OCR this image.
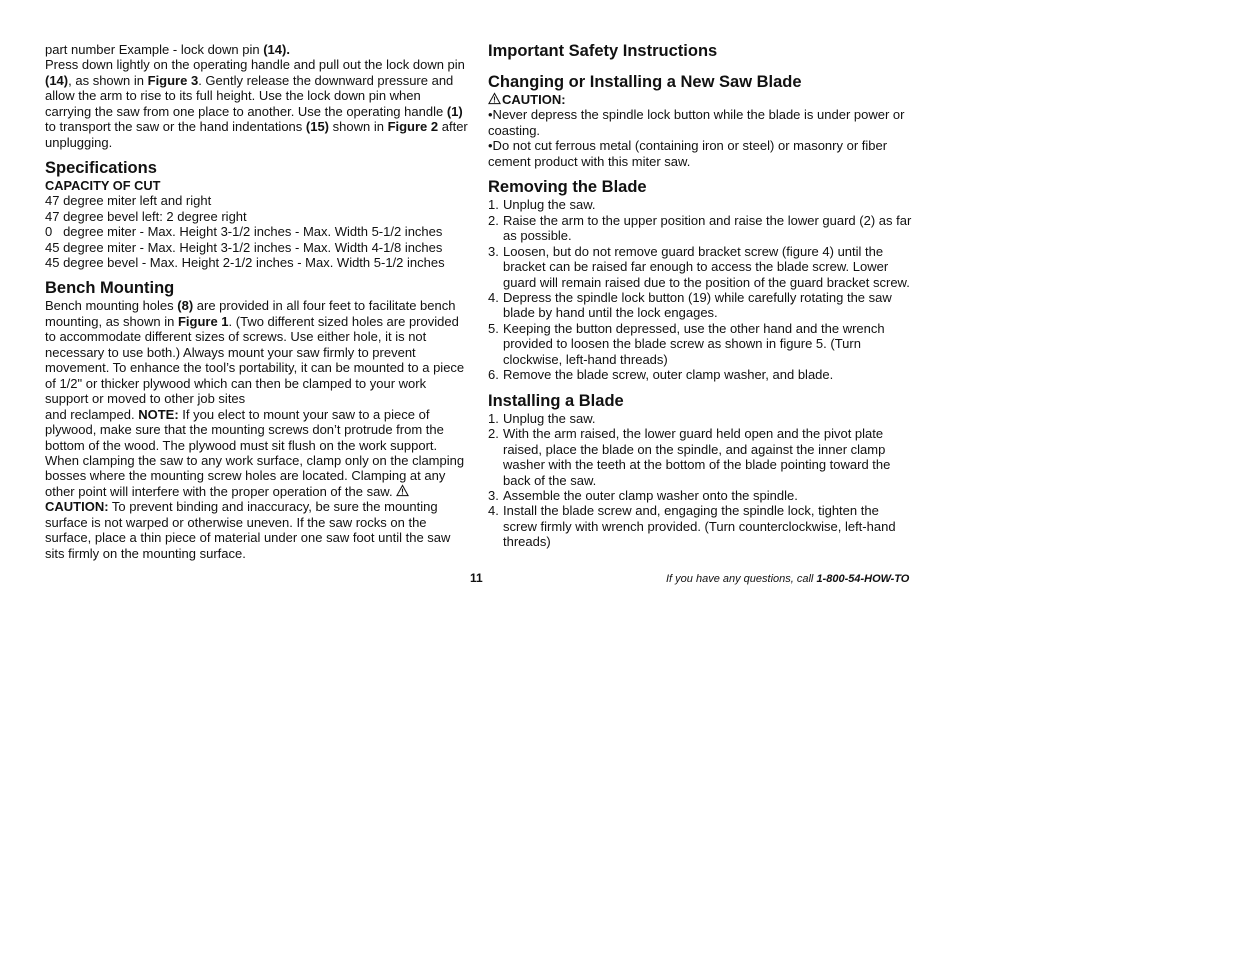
part number Example - lock down pin (14).

Press down lightly on the operating handle and pull out the lock down pin (14), as shown in Figure 3. Gently release the downward pressure and allow the arm to rise to its full height. Use the lock down pin when carrying the saw from one place to another. Use the operating handle (1) to transport the saw or the hand indentations (15) shown in Figure 2 after unplugging.

Specifications

CAPACITY OF CUT

47 degree miter left and right

47 degree bevel left: 2 degree right

0   degree miter - Max. Height 3-1/2 inches - Max. Width 5-1/2 inches

45 degree miter - Max. Height 3-1/2 inches - Max. Width 4-1/8 inches

45 degree bevel - Max. Height 2-1/2 inches - Max. Width 5-1/2 inches

Bench Mounting

Bench mounting holes (8) are provided in all four feet to facilitate bench mounting, as shown in Figure 1. (Two different sized holes are provided to accommodate different sizes of screws. Use either hole, it is not necessary to use both.) Always mount your saw firmly to prevent movement. To enhance the tool’s portability, it can be mounted to a piece of 1/2" or thicker plywood which can then be clamped to your work support or moved to other job sites

and reclamped. NOTE: If you elect to mount your saw to a piece of plywood, make sure that the mounting screws don’t protrude from the bottom of the wood. The plywood must sit flush on the work support. When clamping the saw to any work surface, clamp only on the clamping bosses where the mounting screw holes are located. Clamping at any other point will interfere with the proper operation of the saw. CAUTION: To prevent binding and inaccuracy, be sure the mounting surface is not warped or otherwise uneven. If the saw rocks on the surface, place a thin piece of material under one saw foot until the saw sits firmly on the mounting surface.

Important Safety Instructions

Changing or Installing a New Saw Blade

CAUTION:

•Never depress the spindle lock button while the blade is under power or coasting.

•Do not cut ferrous metal (containing iron or steel) or masonry or fiber cement product with this miter saw.

Removing the Blade

1. Unplug the saw.

2. Raise the arm to the upper position and raise the lower guard (2) as far as possible.

3. Loosen, but do not remove guard bracket screw (figure 4) until the bracket can be raised far enough to access the blade screw. Lower guard will remain raised due to the position of the guard bracket screw.

4. Depress the spindle lock button (19) while carefully rotating the saw blade by hand until the lock engages.

5. Keeping the button depressed, use the other hand and the wrench provided to loosen the blade screw as shown in figure 5. (Turn clockwise, left-hand threads)

6. Remove the blade screw, outer clamp washer, and blade.

Installing a Blade

1. Unplug the saw.

2. With the arm raised, the lower guard held open and the pivot plate raised, place the blade on the spindle, and against the inner clamp washer with the teeth at the bottom of the blade pointing toward the back of the saw.

3. Assemble the outer clamp washer onto the spindle.

4. Install the blade screw and, engaging the spindle lock, tighten the screw firmly with wrench provided. (Turn counterclockwise, left-hand threads)

11	If you have any questions, call 1-800-54-HOW-TO
